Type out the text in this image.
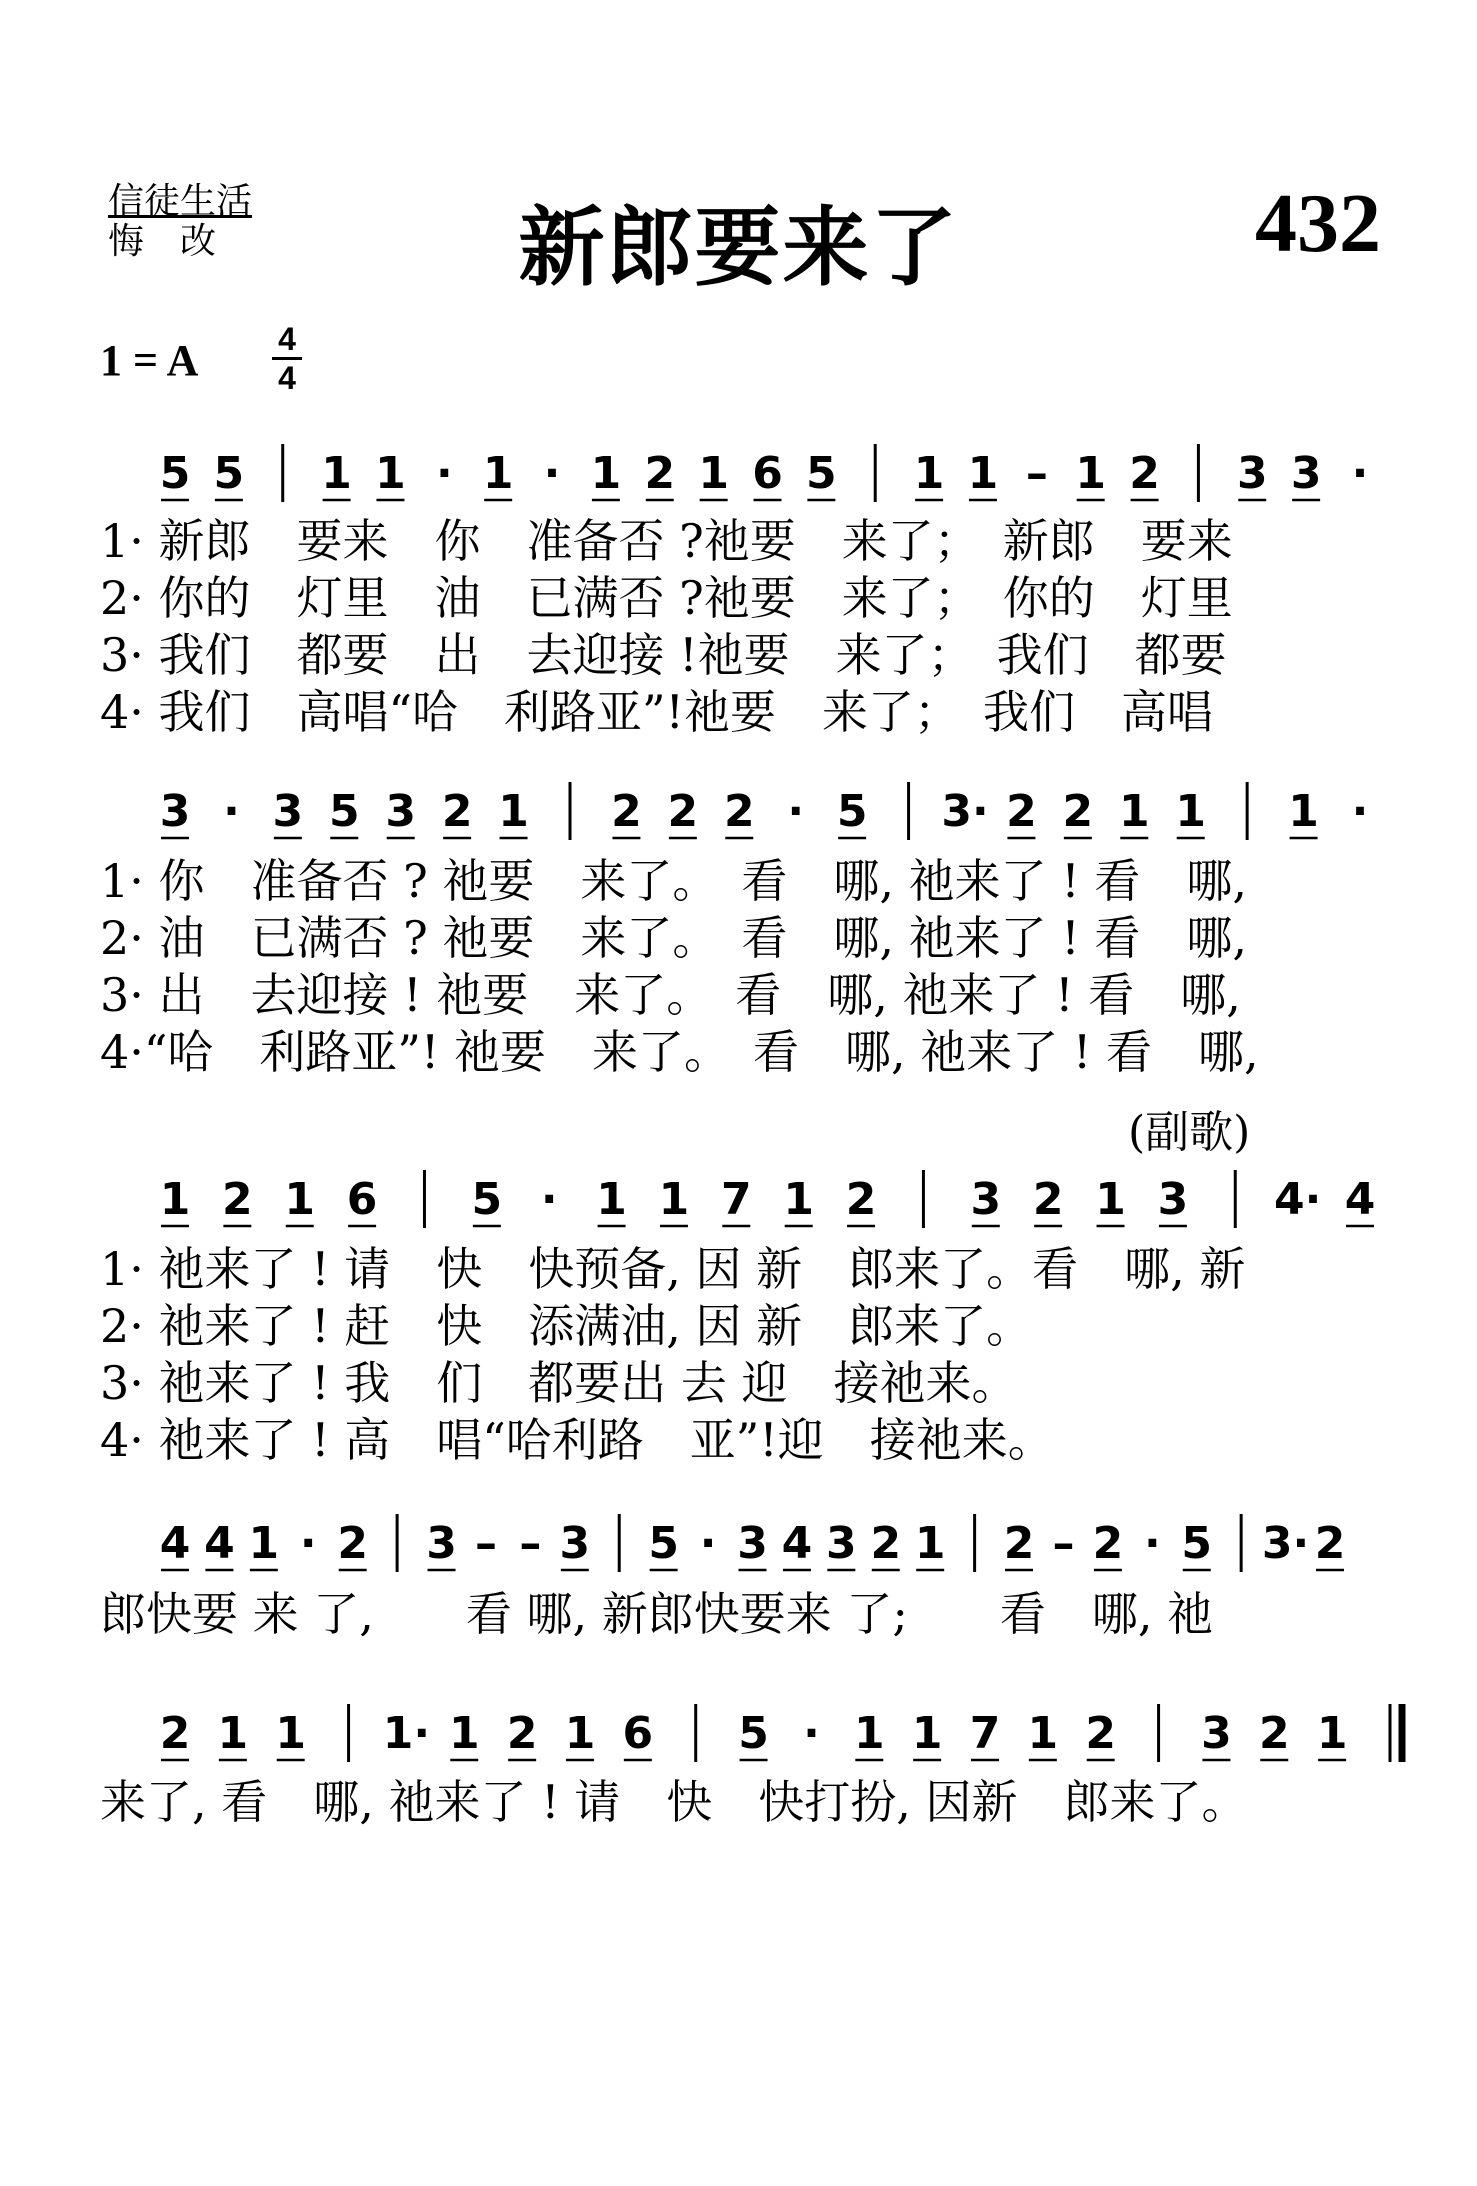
信徒生活
悔　改	新郎要来了	432
1 = A 4
4
(副歌)
5 5 1 1 · 1 · 1 2 1 6 5 1 1 – 1 2 3 3 ·
1· 新郎　要来　你　准备否 ?祂要　来了；　新郎　要来
2· 你的　灯里　油　已满否 ?祂要　来了；　你的　灯里
3· 我们　都要　出　去迎接 !祂要　来了；　我们　都要
4· 我们　高唱“哈　利路亚”!祂要　来了；　我们　高唱
3 · 3 5 3 2 1 2 2 2 · 5 3· 2 2 1 1 1 ·
1· 你　准备否 ? 祂要　来了。　看　哪, 祂来了 ! 看　哪,
2· 油　已满否 ? 祂要　来了。　看　哪, 祂来了 ! 看　哪,
3· 出　去迎接 ! 祂要　来了。　看　哪, 祂来了 ! 看　哪,
4·“哈　利路亚”! 祂要　来了。　看　哪, 祂来了 ! 看　哪,
1 2 1 6 5 · 1 1 7 1 2 3 2 1 3 4· 4
1· 祂来了 ! 请　快　快预备, 因 新　郎来了。看　哪, 新
2· 祂来了 ! 赶　快　添满油, 因 新　郎来了。
3· 祂来了 ! 我　们　都要出 去 迎　接祂来。
4· 祂来了 ! 高　唱“哈利路　亚”!迎　接祂来。
4 4 1 · 2 3 – – 3 5 · 3 4 3 2 1 2 – 2 · 5 3· 2
郎快要 来 了,　　看 哪, 新郎快要来 了;　　看　哪, 祂
2 1 1 1· 1 2 1 6 5 · 1 1 7 1 2 3 2 1
来了, 看　哪, 祂来了 ! 请　快　快打扮, 因新　郎来了。
